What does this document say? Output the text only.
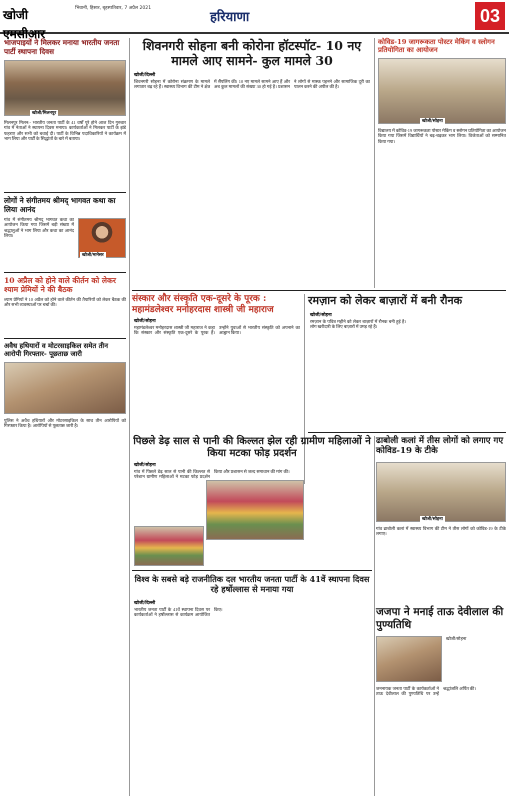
खोजी एमसीआर
भिवानी, हिसार, बृहस्पतिवार, 7 अप्रैल 2021
हरियाणा	03
भाजपाइयों ने मिलकर मनाया भारतीय जनता पार्टी स्थापना दिवस
खोजी/मिलनपुर
मिलनपुर मिलन:- भारतीय जनता पार्टी के 41 वर्षों पूरे होने आज दिन गुरुवार गांव में नेताओं ने स्थापना दिवस मनाया। कार्यकर्ताओं ने मिलकर पार्टी के झंडे फहराए और सभी को बधाई दी। पार्टी के विभिन्न पदाधिकारियों ने कार्यक्रम में भाग लिया और पार्टी के सिद्धांतों के बारे में बताया।
लोगों ने संगीतमय श्रीमद् भागवत कथा का लिया आनंद
गांव में संगीतमय श्रीमद् भागवत कथा का आयोजन किया गया जिसमें बड़ी संख्या में श्रद्धालुओं ने भाग लिया और कथा का आनंद लिया।
खोजी/मानेसर
10 अप्रैल को होने वाले कीर्तन को लेकर श्याम प्रेमियों ने की बैठक
श्याम प्रेमियों ने 10 अप्रैल को होने वाले कीर्तन की तैयारियों को लेकर बैठक की और सभी व्यवस्थाओं पर चर्चा की।
अवैध हथियारों व मोटरसाइकिल समेत तीन आरोपी गिरफ्तार- पूछताछ जारी
पुलिस ने अवैध हथियारों और मोटरसाइकिल के साथ तीन आरोपियों को गिरफ्तार किया है। आरोपियों से पूछताछ जारी है।
शिवनगरी सोहना बनी कोरोना हॉटस्पॉट- 10 नए मामले आए सामने- कुल मामले 30
खोजी/दिल्ली
शिवनगरी सोहना में कोरोना संक्रमण के मामले लगातार बढ़ रहे हैं। स्वास्थ्य विभाग की टीम ने क्षेत्र में सैंपलिंग की। 10 नए मामले सामने आए हैं और अब कुल मामलों की संख्या 30 हो गई है। प्रशासन ने लोगों से मास्क पहनने और सामाजिक दूरी का पालन करने की अपील की है।
कोविड-19 जागरूकता पोस्टर मेकिंग व स्लोगन प्रतियोगिता का आयोजन
खोजी/सोहना
विद्यालय में कोविड-19 जागरूकता पोस्टर मेकिंग व स्लोगन प्रतियोगिता का आयोजन किया गया जिसमें विद्यार्थियों ने बढ़-चढ़कर भाग लिया। विजेताओं को सम्मानित किया गया।
संस्कार और संस्कृति एक-दूसरे के पूरक : महामंडलेश्वर मनोहरदास शास्त्री जी महाराज
खोजी/सोहना
महामंडलेश्वर मनोहरदास शास्त्री जी महाराज ने कहा कि संस्कार और संस्कृति एक-दूसरे के पूरक हैं। उन्होंने युवाओं से भारतीय संस्कृति को अपनाने का आह्वान किया।
रमज़ान को लेकर बाज़ारों में बनी रौनक
खोजी/सोहना
रमज़ान के पवित्र महीने को लेकर बाज़ारों में रौनक बनी हुई है। लोग खरीदारी के लिए बाज़ारों में उमड़ रहे हैं।
पिछले डेढ़ साल से पानी की किल्लत झेल रही ग्रामीण महिलाओं ने किया मटका फोड़ प्रदर्शन
खोजी/सोहना
गांव में पिछले डेढ़ साल से पानी की किल्लत से परेशान ग्रामीण महिलाओं ने मटका फोड़ प्रदर्शन किया और प्रशासन से जल्द समाधान की मांग की।
ढाबोली कलां में तीस लोगों को लगाए गए कोविड-19 के टीके
खोजी/सोहना
गांव ढाबोली कलां में स्वास्थ्य विभाग की टीम ने तीस लोगों को कोविड-19 के टीके लगाए।
विश्व के सबसे बड़े राजनीतिक दल भारतीय जनता पार्टी के 41वें स्थापना दिवस रहे हर्षोल्लास से मनाया गया
खोजी/दिल्ली
भारतीय जनता पार्टी के 41वें स्थापना दिवस पर कार्यकर्ताओं ने हर्षोल्लास से कार्यक्रम आयोजित किए।	जजपा ने मनाई ताऊ देवीलाल की पुण्यतिथि
खोजी/सोहना
जननायक जनता पार्टी के कार्यकर्ताओं ने ताऊ देवीलाल की पुण्यतिथि पर उन्हें श्रद्धांजलि अर्पित की।
